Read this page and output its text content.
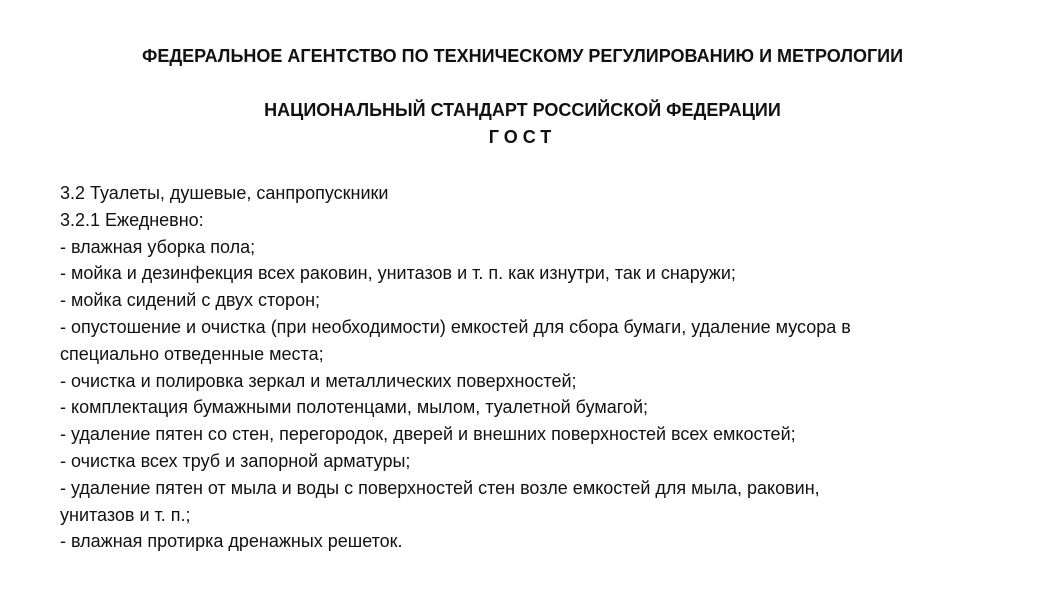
ФЕДЕРАЛЬНОЕ АГЕНТСТВО ПО ТЕХНИЧЕСКОМУ РЕГУЛИРОВАНИЮ И МЕТРОЛОГИИ
НАЦИОНАЛЬНЫЙ СТАНДАРТ РОССИЙСКОЙ ФЕДЕРАЦИИ
ГОСТ

3.2 Туалеты, душевые, санпропускники

3.2.1 Ежедневно:

- влажная уборка пола;

- мойка и дезинфекция всех раковин, унитазов и т. п. как изнутри, так и снаружи;

- мойка сидений с двух сторон;

- опустошение и очистка (при необходимости) емкостей для сбора бумаги, удаление мусора в

специально отведенные места;

- очистка и полировка зеркал и металлических поверхностей;

- комплектация бумажными полотенцами, мылом, туалетной бумагой;

- удаление пятен со стен, перегородок, дверей и внешних поверхностей всех емкостей;

- очистка всех труб и запорной арматуры;

- удаление пятен от мыла и воды с поверхностей стен возле емкостей для мыла, раковин,

унитазов и т. п.;

- влажная протирка дренажных решеток.
